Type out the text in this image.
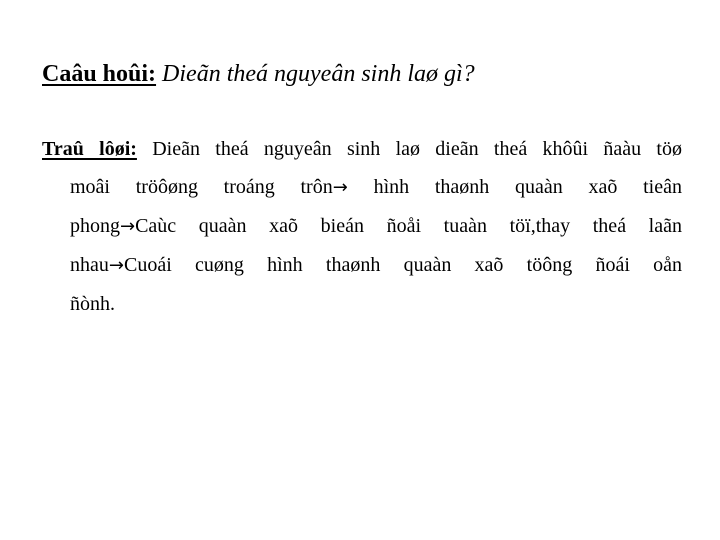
Caâu hoûi: Dieãn theá nguyeân sinh laø gì?
Traû lôøi: Dieãn theá nguyeân sinh laø dieãn theá khôûi ñaàu töø
moâi tröôøng troáng trôn→ hình thaønh quaàn xaõ tieân
phong→Caùc quaàn xaõ bieán ñoåi tuaàn töï,thay theá laãn
nhau→Cuoái cuøng hình thaønh quaàn xaõ töông ñoái oån
ñònh.
